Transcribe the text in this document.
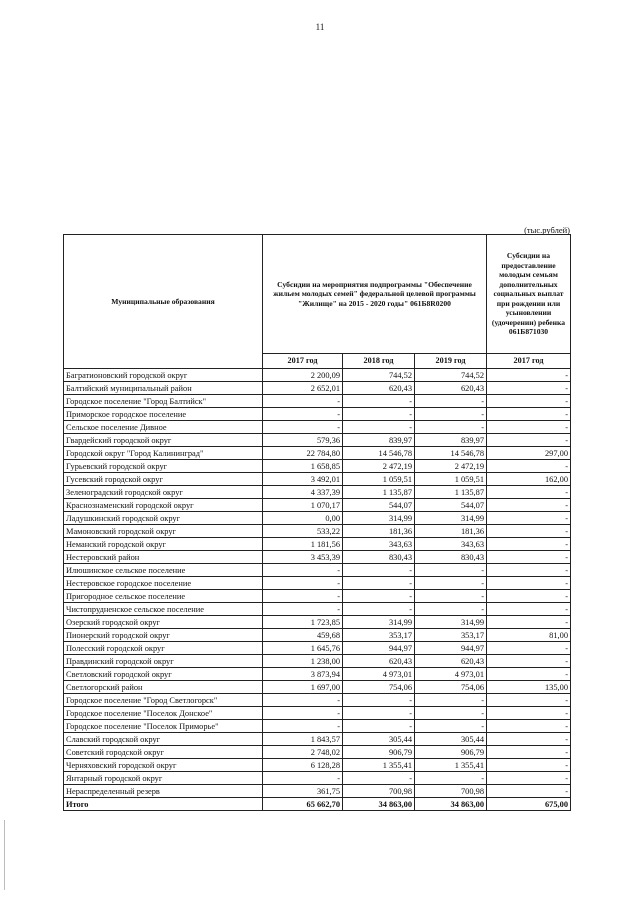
11
(тыс.рублей)
Муниципальные образования	Субсидии на мероприятия подпрограммы "Обеспечение жильем молодых семей" федеральной целевой программы "Жилище" на 2015 - 2020 годы" 061Б8R0200			Субсидии на предоставление молодым семьям дополнительных социальных выплат при рождении или усыновлении (удочерении) ребенка 061Б871030
	2017 год	2018 год	2019 год	2017 год
Багратионовский городской округ	2 200,09	744,52	744,52	-
Балтийский муниципальный район	2 652,01	620,43	620,43	-
Городское поселение "Город Балтийск"	-	-	-	-
Приморское городское поселение	-	-	-	-
Сельское поселение Дивное	-	-	-	-
Гвардейский городской округ	579,36	839,97	839,97	-
Городской округ "Город Калининград"	22 784,80	14 546,78	14 546,78	297,00
Гурьевский городской округ	1 658,85	2 472,19	2 472,19	-
Гусевский городской округ	3 492,01	1 059,51	1 059,51	162,00
Зеленоградский городской округ	4 337,39	1 135,87	1 135,87	-
Краснознаменский городской округ	1 070,17	544,07	544,07	-
Ладушкинский городской округ	0,00	314,99	314,99	-
Мамоновский городской округ	533,22	181,36	181,36	-
Неманский городской округ	1 181,56	343,63	343,63	-
Нестеровский район	3 453,39	830,43	830,43	-
Илюшинское сельское поселение	-	-	-	-
Нестеровское городское поселение	-	-	-	-
Пригородное сельское поселение	-	-	-	-
Чистопрудненское сельское поселение	-	-	-	-
Озерский городской округ	1 723,85	314,99	314,99	-
Пионерский городской округ	459,68	353,17	353,17	81,00
Полесский городской округ	1 645,76	944,97	944,97	-
Правдинский городской округ	1 238,00	620,43	620,43	-
Светловский городской округ	3 873,94	4 973,01	4 973,01	-
Светлогорский район	1 697,00	754,06	754,06	135,00
Городское поселение "Город Светлогорск"	-	-	-	-
Городское поселение "Поселок Донское"	-	-	-	-
Городское поселение "Поселок Приморье"	-	-	-	-
Славский городской округ	1 843,57	305,44	305,44	-
Советский городской округ	2 748,02	906,79	906,79	-
Черняховский городской округ	6 128,28	1 355,41	1 355,41	-
Янтарный городской округ	-	-	-	-
Нераспределенный резерв	361,75	700,98	700,98	-
Итого	65 662,70	34 863,00	34 863,00	675,00
